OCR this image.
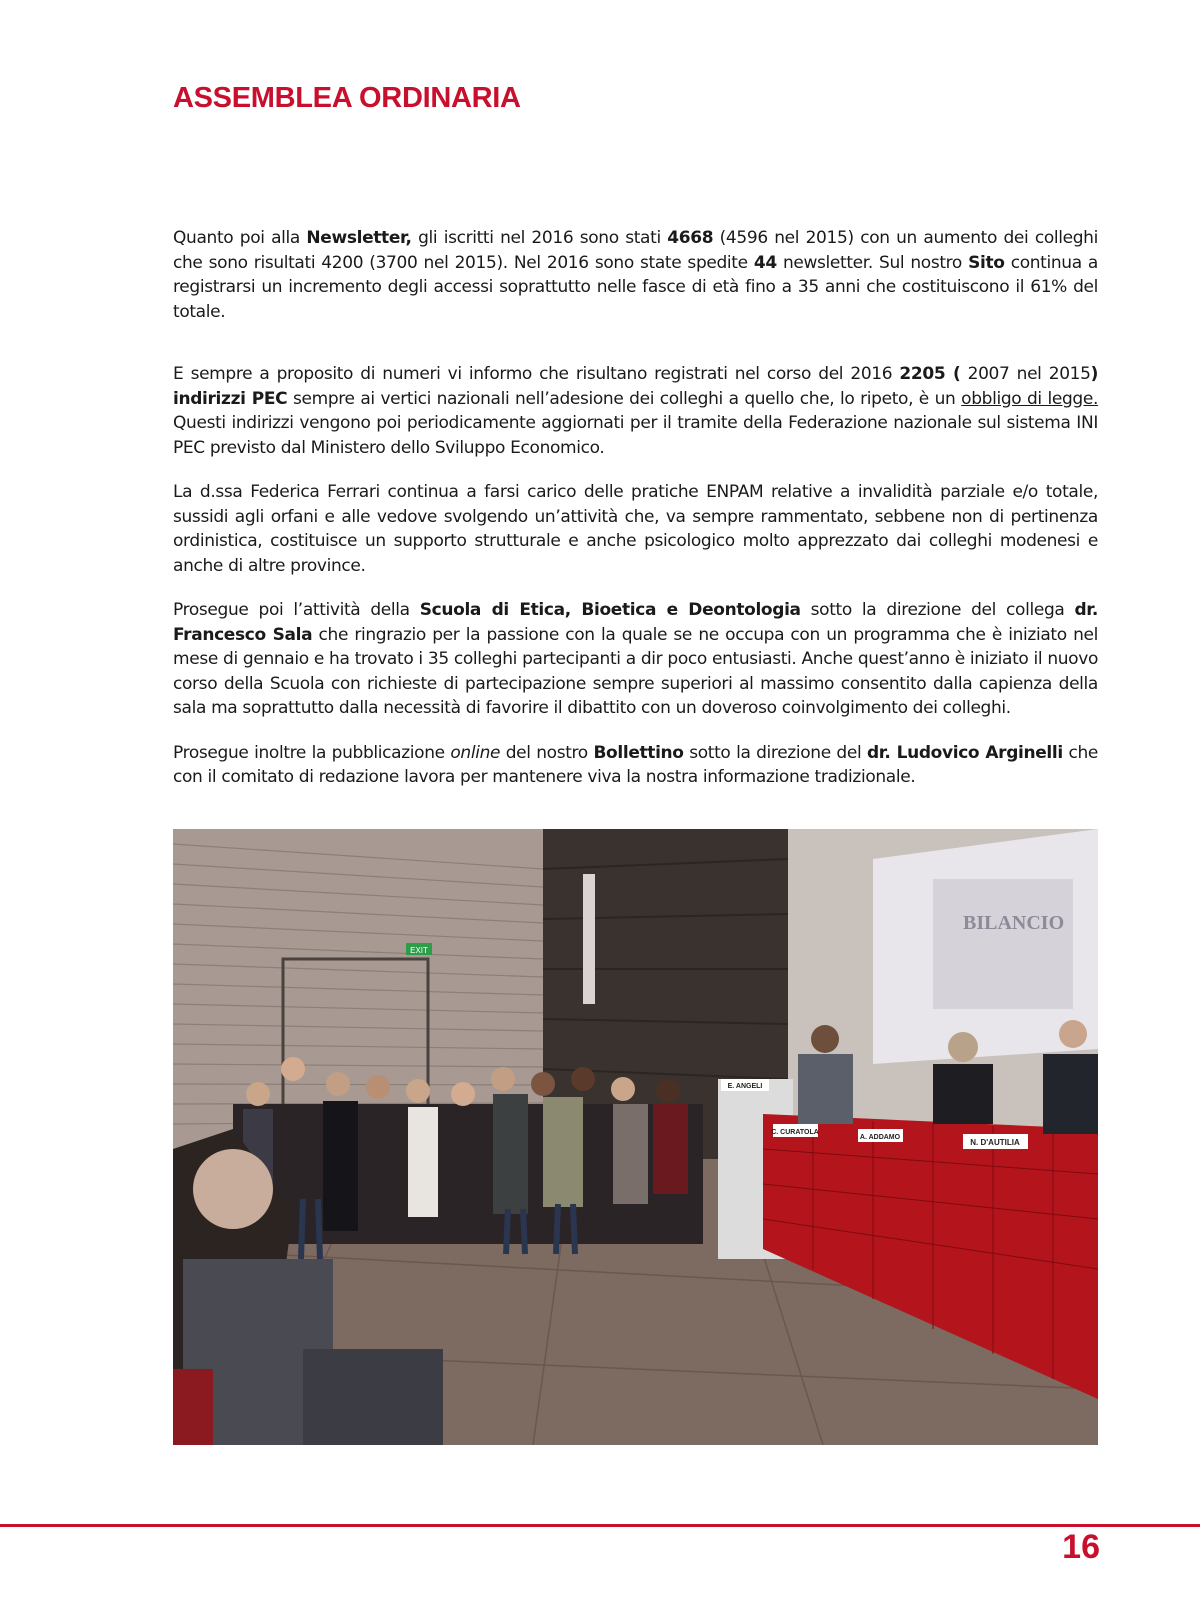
ASSEMBLEA ORDINARIA

Quanto poi alla Newsletter, gli iscritti nel 2016 sono stati 4668 (4596 nel 2015) con un aumento dei colleghi che sono risultati 4200 (3700 nel 2015). Nel 2016 sono state spedite 44 newsletter. Sul nostro Sito continua a registrarsi un incremento degli accessi soprattutto nelle fasce di età fino a 35 anni che costituiscono il 61% del totale.

E sempre a proposito di numeri vi informo che risultano registrati nel corso del 2016 2205 ( 2007 nel 2015) indirizzi PEC sempre ai vertici nazionali nell’adesione dei colleghi a quello che, lo ripeto, è un obbligo di legge. Questi indirizzi vengono poi periodicamente aggiornati per il tramite della Federazione nazionale sul sistema INI PEC previsto dal Ministero dello Sviluppo Economico.

La d.ssa Federica Ferrari continua a farsi carico delle pratiche ENPAM relative a invalidità parziale e/o totale, sussidi agli orfani e alle vedove svolgendo un’attività che, va sempre rammentato, sebbene non di pertinenza ordinistica, costituisce un supporto strutturale e anche psicologico molto apprezzato dai colleghi modenesi e anche di altre province.

Prosegue poi l’attività della Scuola di Etica, Bioetica e Deontologia sotto la direzione del collega dr. Francesco Sala che ringrazio per la passione con la quale se ne occupa con un programma che è iniziato nel mese di gennaio e ha trovato i 35 colleghi partecipanti a dir poco entusiasti. Anche quest’anno è iniziato il nuovo corso della Scuola con richieste di partecipazione sempre superiori al massimo consentito dalla capienza della sala ma soprattutto dalla necessità di favorire il dibattito con un doveroso coinvolgimento dei colleghi.

Prosegue inoltre la pubblicazione online del nostro Bollettino sotto la direzione del dr. Ludovico Arginelli che con il comitato di redazione lavora per mantenere viva la nostra informazione tradizionale.

EXIT
BILANCIO
E. ANGELI
C. CURATOLA
A. ADDAMO
N. D'AUTILIA
16
